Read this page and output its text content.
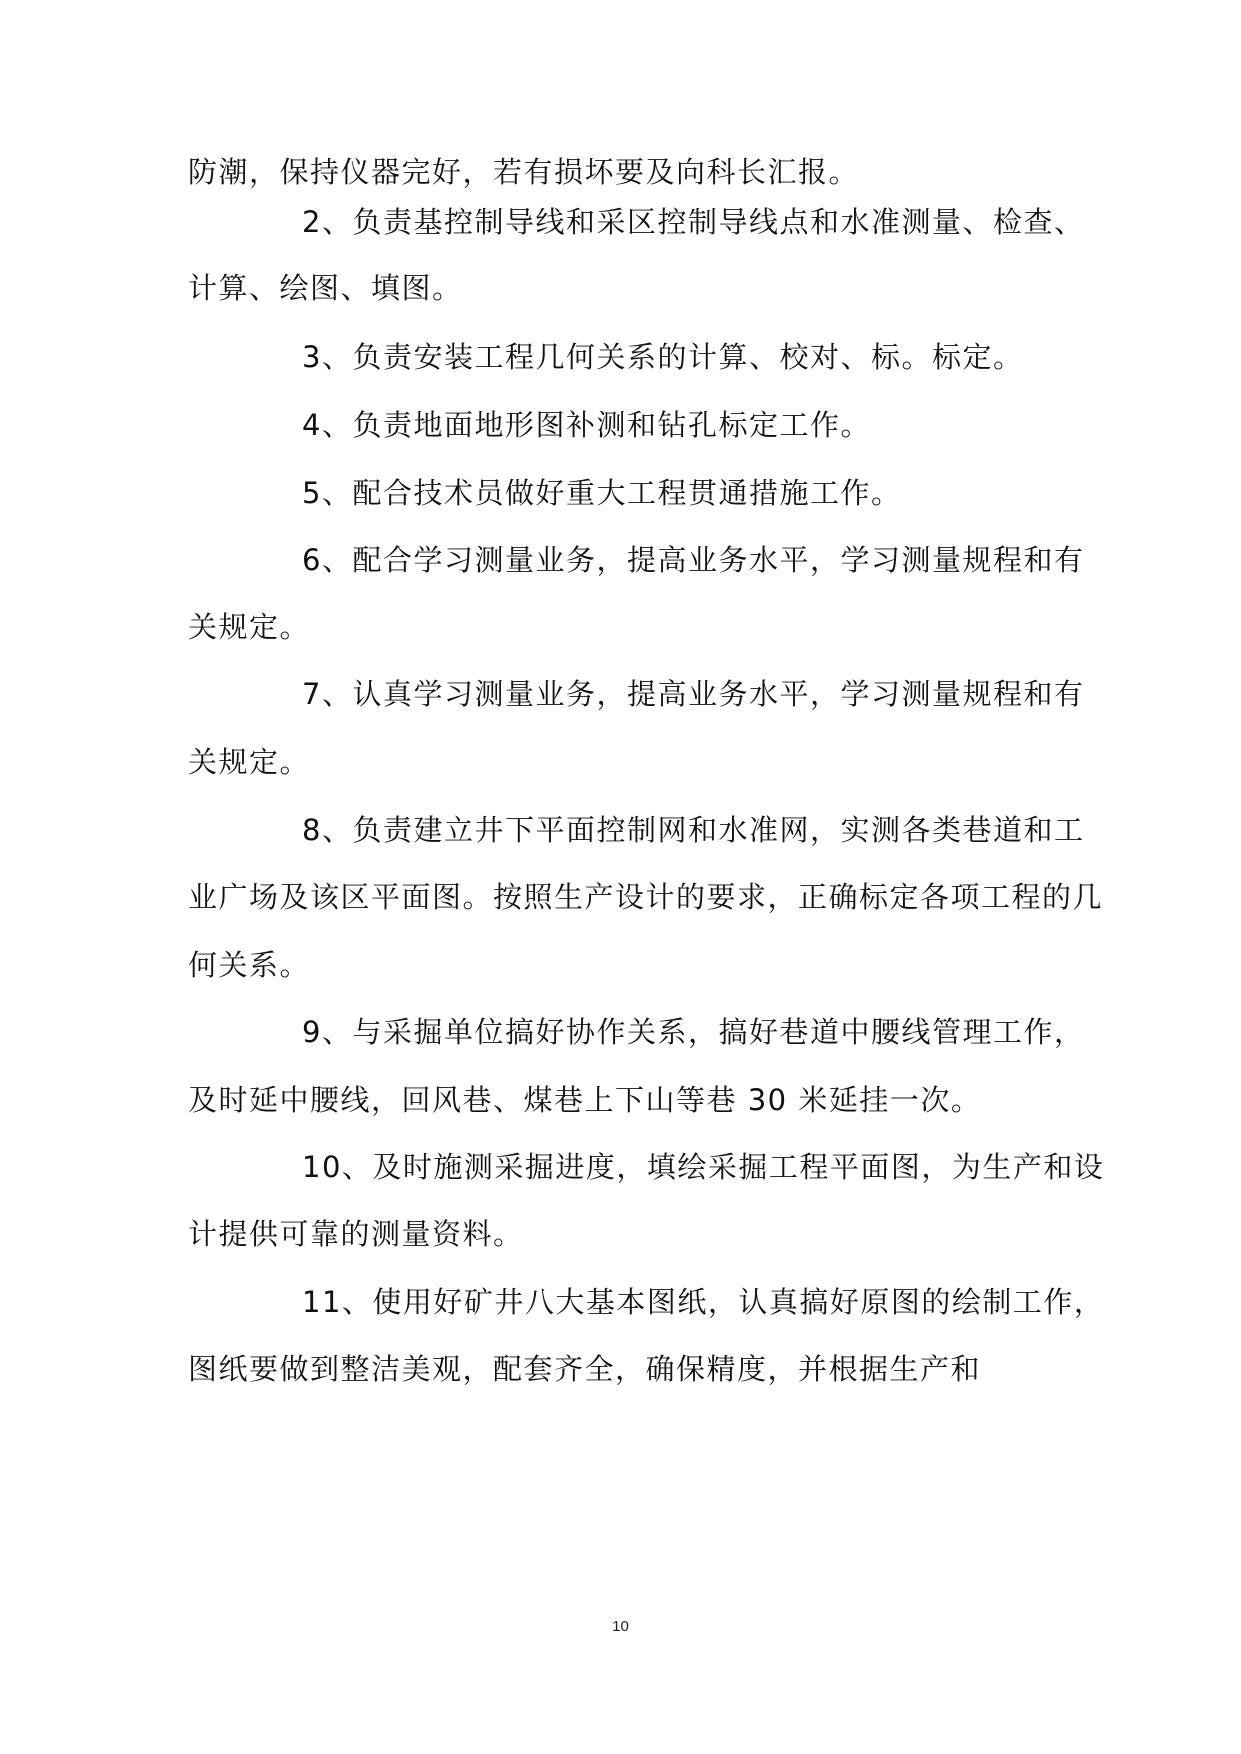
防潮，保持仪器完好，若有损坏要及向科长汇报。
2、负责基控制导线和采区控制导线点和水准测量、检查、
计算、绘图、填图。
3、负责安装工程几何关系的计算、校对、标。标定。
4、负责地面地形图补测和钻孔标定工作。
5、配合技术员做好重大工程贯通措施工作。
6、配合学习测量业务，提高业务水平，学习测量规程和有
关规定。
7、认真学习测量业务，提高业务水平，学习测量规程和有
关规定。
8、负责建立井下平面控制网和水准网，实测各类巷道和工
业广场及该区平面图。按照生产设计的要求，正确标定各项工程的几
何关系。
9、与采掘单位搞好协作关系，搞好巷道中腰线管理工作，
及时延中腰线，回风巷、煤巷上下山等巷 30 米延挂一次。
10、及时施测采掘进度，填绘采掘工程平面图，为生产和设
计提供可靠的测量资料。
11、使用好矿井八大基本图纸，认真搞好原图的绘制工作，
图纸要做到整洁美观，配套齐全，确保精度，并根据生产和
10
